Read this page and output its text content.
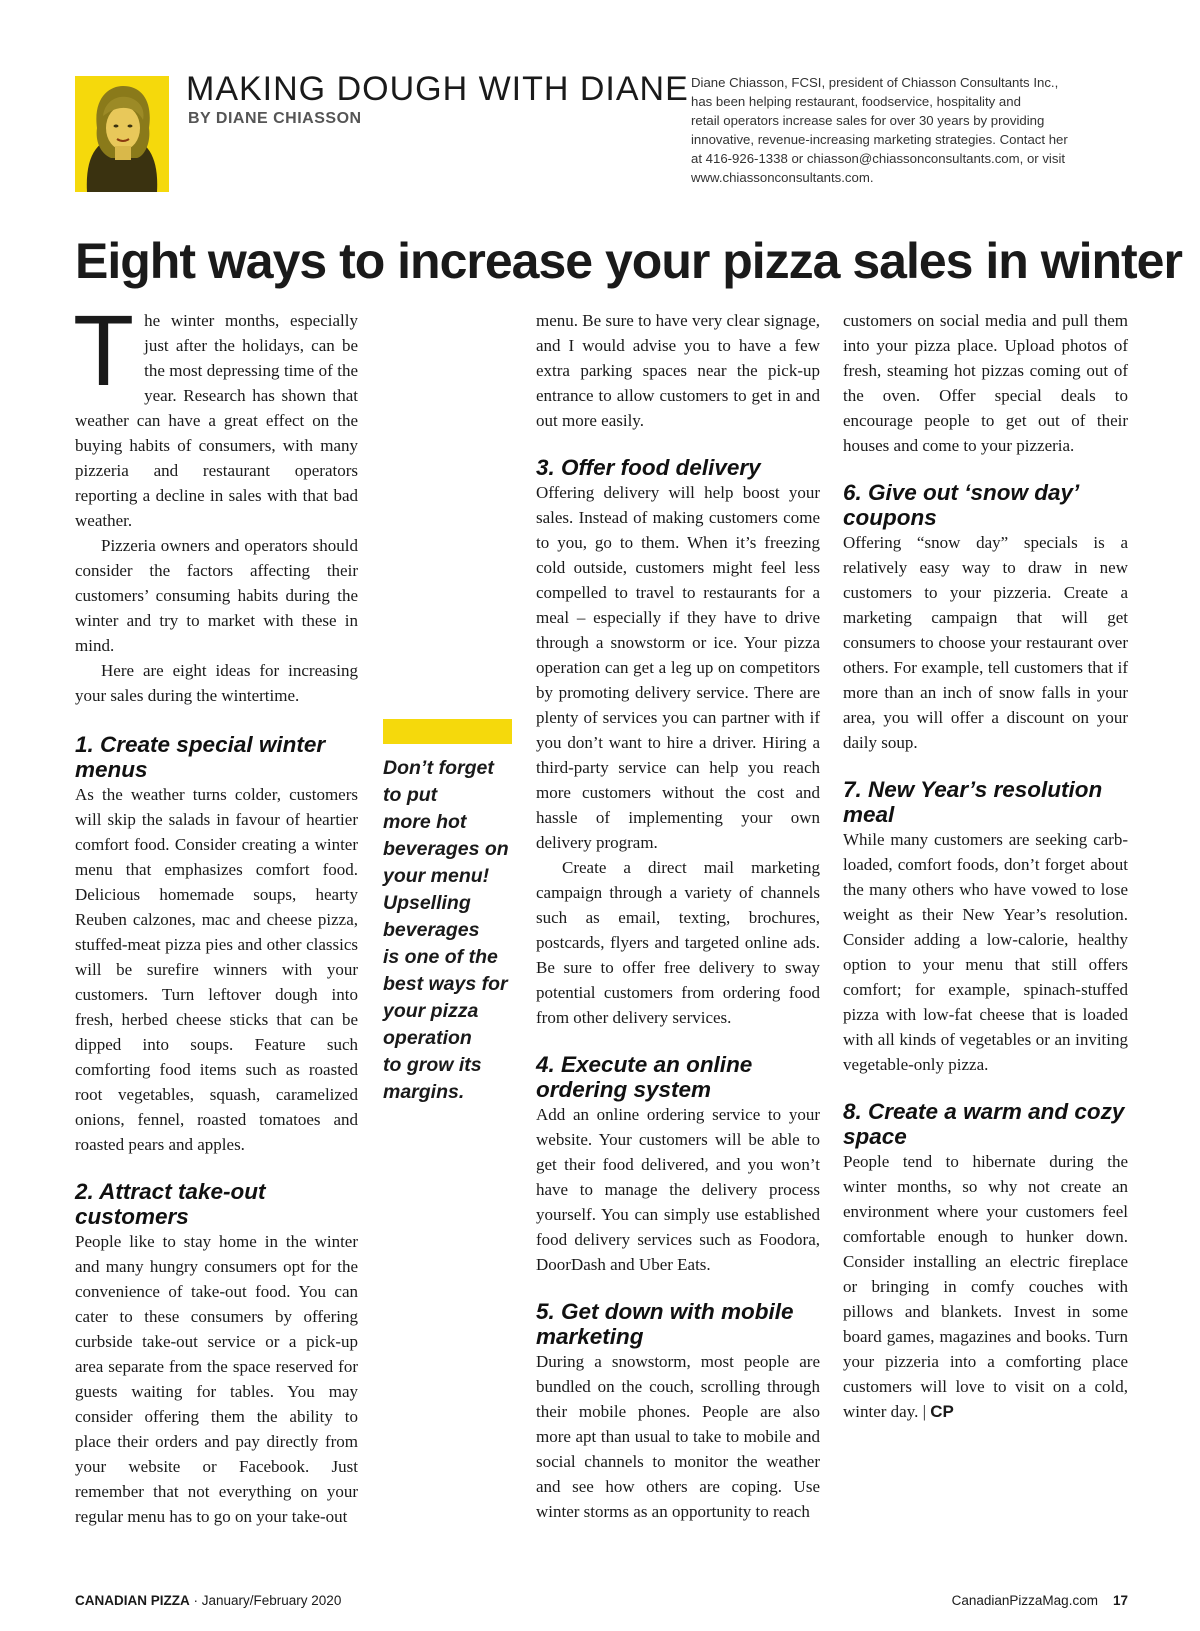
MAKING DOUGH WITH DIANE
BY DIANE CHIASSON
Diane Chiasson, FCSI, president of Chiasson Consultants Inc.,
has been helping restaurant, foodservice, hospitality and
retail operators increase sales for over 30 years by providing
innovative, revenue-increasing marketing strategies. Contact her
at 416-926-1338 or chiasson@chiassonconsultants.com, or visit
www.chiassonconsultants.com.
Eight ways to increase your pizza sales in winter

The winter months, especially just after the holidays, can be the most depressing time of the year. Research has shown that weather can have a great effect on the buying habits of consumers, with many pizzeria and restaurant operators reporting a decline in sales with that bad weather.

Pizzeria owners and operators should consider the factors affecting their customers’ consuming habits during the winter and try to market with these in mind.

Here are eight ideas for increasing your sales during the wintertime.

1. Create special winter menus

As the weather turns colder, customers will skip the salads in favour of heartier comfort food. Consider creating a winter menu that emphasizes comfort food. Delicious homemade soups, hearty Reuben calzones, mac and cheese pizza, stuffed-meat pizza pies and other classics will be surefire winners with your customers. Turn leftover dough into fresh, herbed cheese sticks that can be dipped into soups. Feature such comforting food items such as roasted root vegetables, squash, caramelized onions, fennel, roasted tomatoes and roasted pears and apples.

2. Attract take-out customers

People like to stay home in the winter and many hungry consumers opt for the convenience of take-out food. You can cater to these consumers by offering curbside take-out service or a pick-up area separate from the space reserved for guests waiting for tables. You may consider offering them the ability to place their orders and pay directly from your website or Facebook. Just remember that not everything on your regular menu has to go on your take-out

Don’t forget
to put
more hot
beverages on
your menu!
Upselling
beverages
is one of the
best ways for
your pizza
operation
to grow its
margins.

menu. Be sure to have very clear signage, and I would advise you to have a few extra parking spaces near the pick-up entrance to allow customers to get in and out more easily.

3. Offer food delivery

Offering delivery will help boost your sales. Instead of making customers come to you, go to them. When it’s freezing cold outside, customers might feel less compelled to travel to restaurants for a meal – especially if they have to drive through a snowstorm or ice. Your pizza operation can get a leg up on competitors by promoting delivery service. There are plenty of services you can partner with if you don’t want to hire a driver. Hiring a third-party service can help you reach more customers without the cost and hassle of implementing your own delivery program.

Create a direct mail marketing campaign through a variety of channels such as email, texting, brochures, postcards, flyers and targeted online ads. Be sure to offer free delivery to sway potential customers from ordering food from other delivery services.

4. Execute an online ordering system

Add an online ordering service to your website. Your customers will be able to get their food delivered, and you won’t have to manage the delivery process yourself. You can simply use established food delivery services such as Foodora, DoorDash and Uber Eats.

5. Get down with mobile marketing

During a snowstorm, most people are bundled on the couch, scrolling through their mobile phones. People are also more apt than usual to take to mobile and social channels to monitor the weather and see how others are coping. Use winter storms as an opportunity to reach

customers on social media and pull them into your pizza place. Upload photos of fresh, steaming hot pizzas coming out of the oven. Offer special deals to encourage people to get out of their houses and come to your pizzeria.

6. Give out ‘snow day’ coupons

Offering “snow day” specials is a relatively easy way to draw in new customers to your pizzeria. Create a marketing campaign that will get consumers to choose your restaurant over others. For example, tell customers that if more than an inch of snow falls in your area, you will offer a discount on your daily soup.

7. New Year’s resolution meal

While many customers are seeking carb-loaded, comfort foods, don’t forget about the many others who have vowed to lose weight as their New Year’s resolution. Consider adding a low-calorie, healthy option to your menu that still offers comfort; for example, spinach-stuffed pizza with low-fat cheese that is loaded with all kinds of vegetables or an inviting vegetable-only pizza.

8. Create a warm and cozy space

People tend to hibernate during the winter months, so why not create an environment where your customers feel comfortable enough to hunker down. Consider installing an electric fireplace or bringing in comfy couches with pillows and blankets. Invest in some board games, magazines and books. Turn your pizzeria into a comforting place customers will love to visit on a cold, winter day. | CP

CANADIAN PIZZA · January/February 2020	CanadianPizzaMag.com 17
